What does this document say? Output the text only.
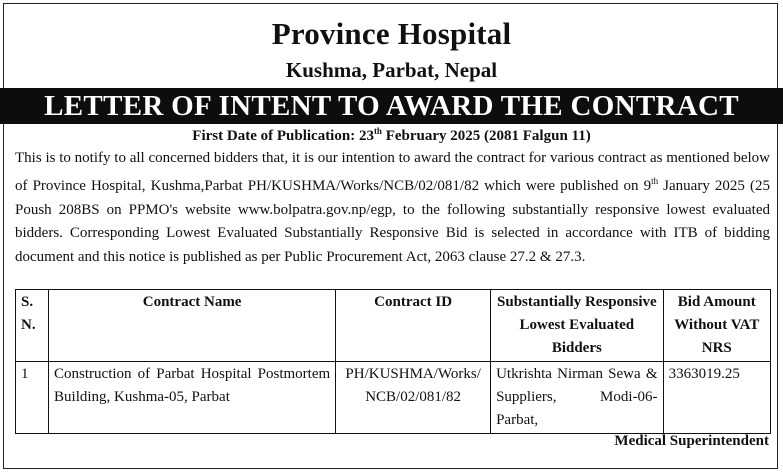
Province Hospital
Kushma, Parbat, Nepal
LETTER OF INTENT TO AWARD THE CONTRACT
First Date of Publication: 23th February 2025 (2081 Falgun 11)
This is to notify to all concerned bidders that, it is our intention to award the contract for various contract as mentioned below of Province Hospital, Kushma,Parbat PH/KUSHMA/Works/NCB/02/081/82 which were published on 9th January 2025 (25 Poush 208BS on PPMO's website www.bolpatra.gov.np/egp, to the following substantially responsive lowest evaluated bidders. Corresponding Lowest Evaluated Substantially Responsive Bid is selected in accordance with ITB of bidding document and this notice is published as per Public Procurement Act, 2063 clause 27.2 & 27.3.
S. N.	Contract Name	Contract ID	Substantially Responsive Lowest Evaluated Bidders	Bid Amount Without VAT NRS
1	Construction of Parbat Hospital Postmortem Building, Kushma-05, Parbat	PH/KUSHMA/Works/ NCB/02/081/82	Utkrishta Nirman Sewa & Suppliers, Modi-06-Parbat,	3363019.25
Medical Superintendent
